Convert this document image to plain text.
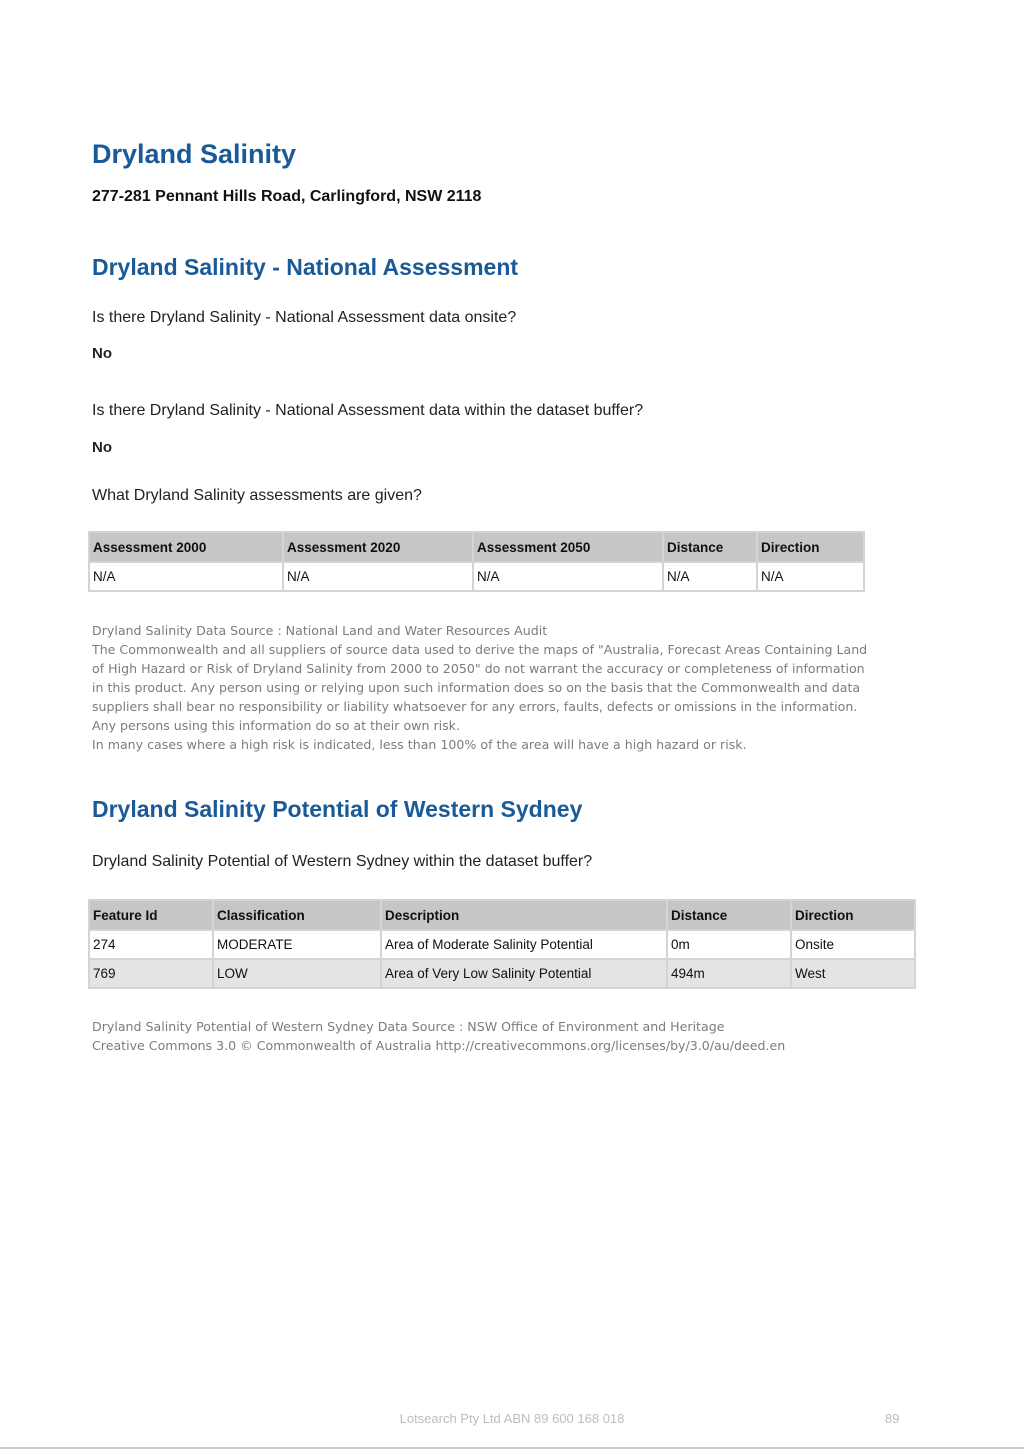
Dryland Salinity
277-281 Pennant Hills Road, Carlingford, NSW 2118
Dryland Salinity - National Assessment
Is there Dryland Salinity - National Assessment data onsite?
No
Is there Dryland Salinity - National Assessment data within the dataset buffer?
No
What Dryland Salinity assessments are given?
Assessment 2000	Assessment 2020	Assessment 2050	Distance	Direction
N/A	N/A	N/A	N/A	N/A
Dryland Salinity Data Source : National Land and Water Resources Audit
The Commonwealth and all suppliers of source data used to derive the maps of "Australia, Forecast Areas Containing Land
of High Hazard or Risk of Dryland Salinity from 2000 to 2050" do not warrant the accuracy or completeness of information
in this product. Any person using or relying upon such information does so on the basis that the Commonwealth and data
suppliers shall bear no responsibility or liability whatsoever for any errors, faults, defects or omissions in the information.
Any persons using this information do so at their own risk.
In many cases where a high risk is indicated, less than 100% of the area will have a high hazard or risk.
Dryland Salinity Potential of Western Sydney
Dryland Salinity Potential of Western Sydney within the dataset buffer?
Feature Id	Classification	Description	Distance	Direction
274	MODERATE	Area of Moderate Salinity Potential	0m	Onsite
769	LOW	Area of Very Low Salinity Potential	494m	West
Dryland Salinity Potential of Western Sydney Data Source : NSW Office of Environment and Heritage
Creative Commons 3.0 © Commonwealth of Australia http://creativecommons.org/licenses/by/3.0/au/deed.en
Lotsearch Pty Ltd ABN 89 600 168 018	89
